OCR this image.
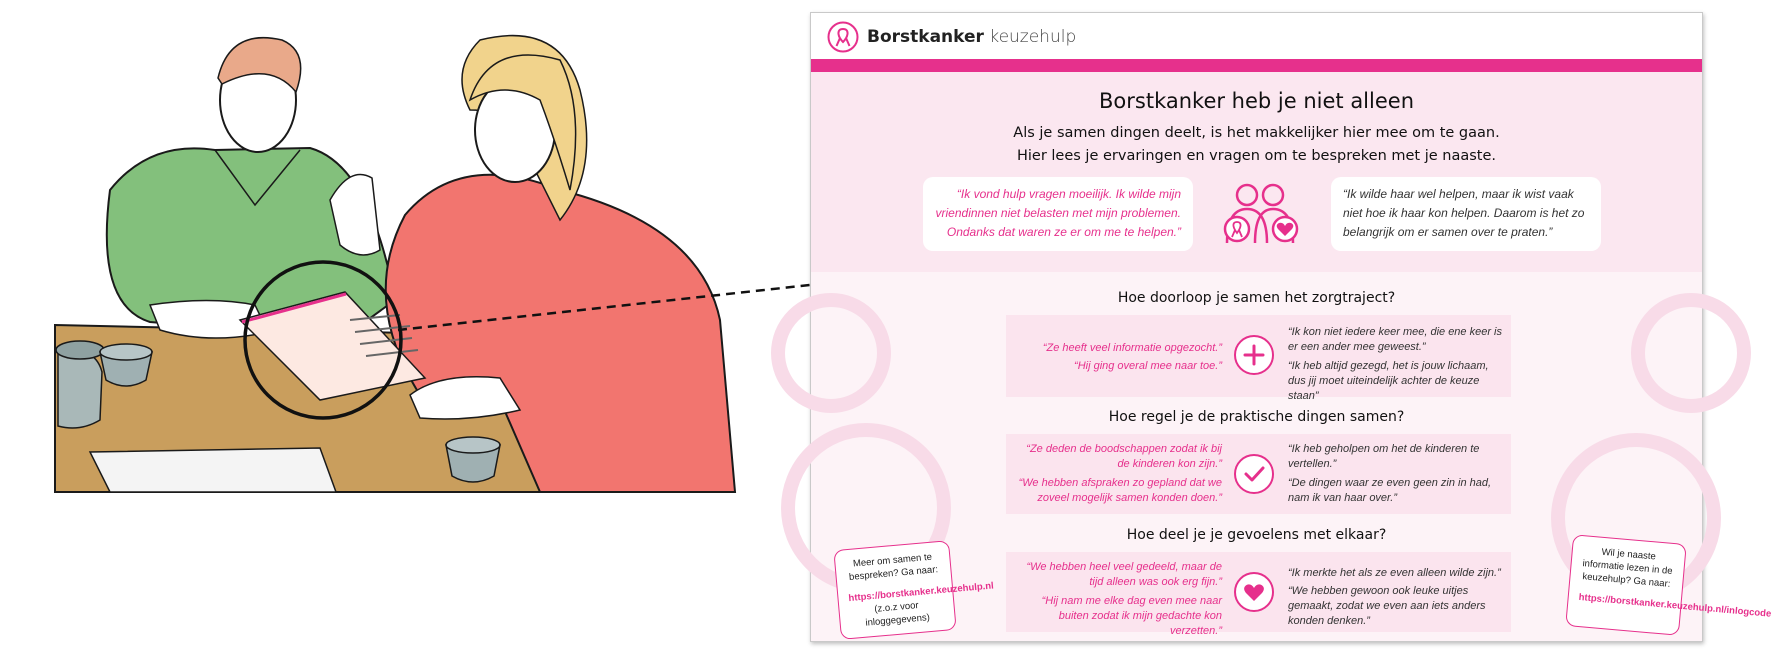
Borstkanker keuzehulp
Borstkanker heb je niet alleen
Als je samen dingen deelt, is het makkelijker hier mee om te gaan.
Hier lees je ervaringen en vragen om te bespreken met je naaste.
“Ik vond hulp vragen moeilijk. Ik wilde mijn vriendinnen niet belasten met mijn problemen. Ondanks dat waren ze er om me te helpen.”
“Ik wilde haar wel helpen, maar ik wist vaak niet hoe ik haar kon helpen. Daarom is het zo belangrijk om er samen over te praten.”
Hoe doorloop je samen het zorgtraject?
“Ze heeft veel informatie opgezocht.”
“Hij ging overal mee naar toe.”
“Ik kon niet iedere keer mee, die ene keer is er een ander mee geweest.”
“Ik heb altijd gezegd, het is jouw lichaam, dus jij moet uiteindelijk achter de keuze staan”
Hoe regel je de praktische dingen samen?
“Ze deden de boodschappen zodat ik bij de kinderen kon zijn.”
“We hebben afspraken zo gepland dat we zoveel mogelijk samen konden doen.”
“Ik heb geholpen om het de kinderen te vertellen.”
“De dingen waar ze even geen zin in had, nam ik van haar over.”
Hoe deel je je gevoelens met elkaar?
“We hebben heel veel gedeeld, maar de tijd alleen was ook erg fijn.”
“Hij nam me elke dag even mee naar buiten zodat ik mijn gedachte kon verzetten.”
“Ik merkte het als ze even alleen wilde zijn.”
“We hebben gewoon ook leuke uitjes gemaakt, zodat we even aan iets anders konden denken.”
Meer om samen te bespreken? Ga naar:
https://borstkanker.keuzehulp.nl
(z.o.z voor inloggegevens)
Wil je naaste informatie lezen in de keuzehulp? Ga naar:
https://borstkanker.keuzehulp.nl/inlogcode
